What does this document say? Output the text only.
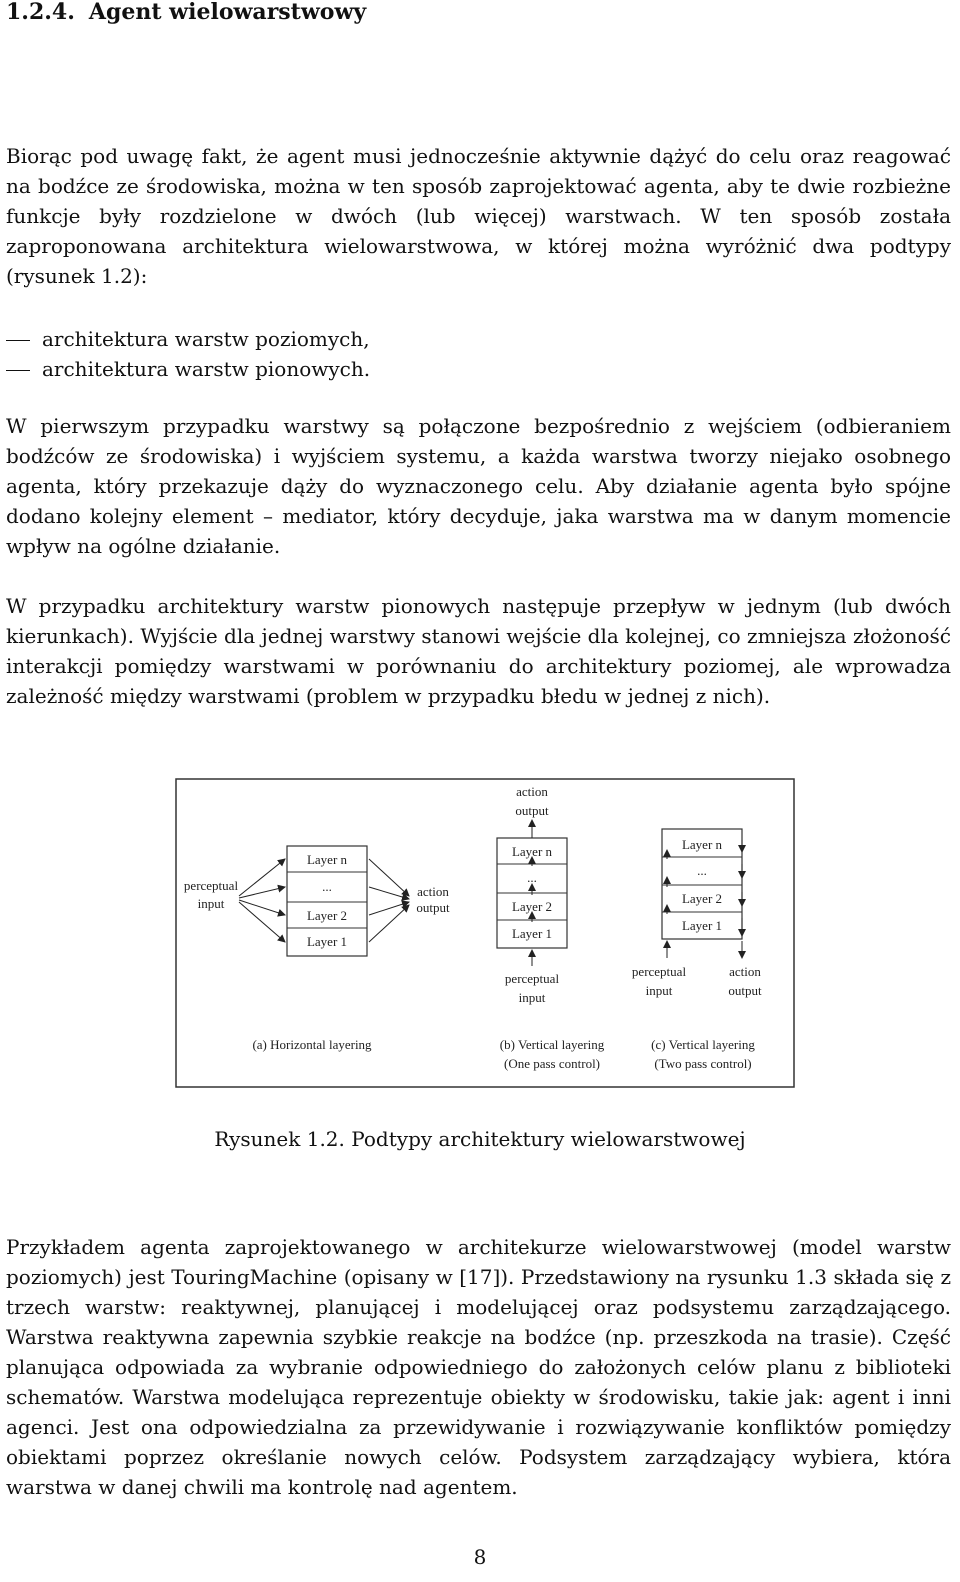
1.2.4. Agent wielowarstwowy

Biorąc pod uwagę fakt, że agent musi jednocześnie aktywnie dążyć do celu oraz reagować na bodźce ze środowiska, można w ten sposób zaprojektować agenta, aby te dwie rozbieżne funkcje były rozdzielone w dwóch (lub więcej) warstwach. W ten sposób została zaproponowana architektura wielowarstwowa, w której można wyróżnić dwa podtypy (rysunek 1.2):

architektura warstw poziomych,
architektura warstw pionowych.

W pierwszym przypadku warstwy są połączone bezpośrednio z wejściem (odbieraniem bodźców ze środowiska) i wyjściem systemu, a każda warstwa tworzy niejako osobnego agenta, który przekazuje dąży do wyznaczonego celu. Aby działanie agenta było spójne dodano kolejny element – mediator, który decyduje, jaka warstwa ma w danym momencie wpływ na ogólne działanie.

W przypadku architektury warstw pionowych następuje przepływ w jednym (lub dwóch kierunkach). Wyjście dla jednej warstwy stanowi wejście dla kolejnej, co zmniejsza złożoność interakcji pomiędzy warstwami w porównaniu do architektury poziomej, ale wprowadza zależność między warstwami (problem w przypadku błedu w jednej z nich).

Layer n
...
Layer 2
Layer 1
perceptual
input
action
output
(a) Horizontal layering
action
output
Layer n
...
Layer 2
Layer 1
perceptual
input
(b) Vertical layering
(One pass control)
Layer n
...
Layer 2
Layer 1
perceptual
input
action
output
(c) Vertical layering
(Two pass control)
Rysunek 1.2. Podtypy architektury wielowarstwowej

Przykładem agenta zaprojektowanego w architekurze wielowarstwowej (model warstw poziomych) jest TouringMachine (opisany w [17]). Przedstawiony na rysunku 1.3 składa się z trzech warstw: reaktywnej, planującej i modelującej oraz podsystemu zarządzającego. Warstwa reaktywna zapewnia szybkie reakcje na bodźce (np. przeszkoda na trasie). Część planująca odpowiada za wybranie odpowiedniego do założonych celów planu z biblioteki schematów. Warstwa modelująca reprezentuje obiekty w środowisku, takie jak: agent i inni agenci. Jest ona odpowiedzialna za przewidywanie i rozwiązywanie konfliktów pomiędzy obiektami poprzez określanie nowych celów. Podsystem zarządzający wybiera, która warstwa w danej chwili ma kontrolę nad agentem.

8
